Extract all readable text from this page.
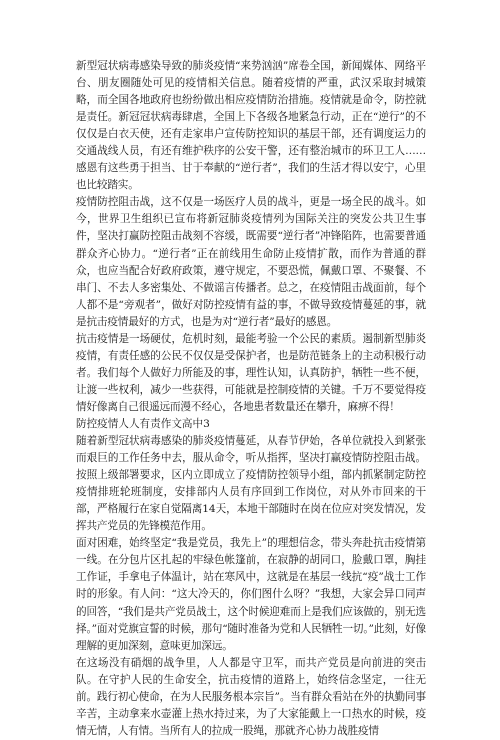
新型冠状病毒感染导致的肺炎疫情“来势汹汹”席卷全国，新闻媒体、网络平台、朋友圈随处可见的疫情相关信息。随着疫情的严重，武汉采取封城策略，而全国各地政府也纷纷做出相应疫情防治措施。疫情就是命令，防控就是责任。新冠冠状病毒肆虐，全国上下各级各地紧急行动，正在“逆行”的不仅仅是白衣天使，还有走家串户宣传防控知识的基层干部，还有调度运力的交通战线人员，有还有维护秩序的公安干警，还有整治城市的环卫工人……感恩有这些勇于担当、甘于奉献的“逆行者”，我们的生活才得以安宁，心里也比较踏实。

疫情防控阻击战，这不仅是一场医疗人员的战斗，更是一场全民的战斗。如今，世界卫生组织已宣布将新冠肺炎疫情列为国际关注的突发公共卫生事件，坚决打赢防控阻击战刻不容缓，既需要“逆行者”冲锋陷阵，也需要普通群众齐心协力。“逆行者”正在前线用生命防止疫情扩散，而作为普通的群众，也应当配合好政府政策，遵守规定，不要恐慌，佩戴口罩、不聚餐、不串门、不去人多密集处、不做谣言传播者。总之，在疫情阻击战面前，每个人都不是“旁观者”，做好对防控疫情有益的事，不做导致疫情蔓延的事，就是抗击疫情最好的方式，也是为对“逆行者”最好的感恩。

抗击疫情是一场硬仗，危机时刻，最能考验一个公民的素质。遏制新型肺炎疫情，有责任感的公民不仅仅是受保护者，也是防范链条上的主动积极行动者。我们每个人做好力所能及的事，理性认知，认真防护，牺牲一些不便，让渡一些权利，减少一些获得，可能就是控制疫情的关键。千万不要觉得疫情好像离自己很遥远而漫不经心，各地患者数量还在攀升，麻痹不得！

防控疫情人人有责作文高中3

随着新型冠状病毒感染的肺炎疫情蔓延，从春节伊始，各单位就投入到紧张而艰巨的工作任务中去，服从命令，听从指挥，坚决打赢疫情防控阻击战。按照上级部署要求，区内立即成立了疫情防控领导小组，部内抓紧制定防控疫情排班轮班制度，安排部内人员有序回到工作岗位，对从外市回来的干部，严格履行在家自觉隔离14天，本地干部随时在岗在位应对突发情况，发挥共产党员的先锋模范作用。

面对困难，始终坚定“我是党员，我先上”的理想信念，带头奔赴抗击疫情第一线。在分包片区扎起的牢绿色帐篷前，在寂静的胡同口，脸戴口罩，胸挂工作证，手拿电子体温计，站在寒风中，这就是在基层一线抗“疫”战士工作时的形象。有人问：“这大冷天的，你们图什么呀？”我想，大家会异口同声的回答，“我们是共产党员战士，这个时候迎难而上是我们应该做的，别无选择。”面对党旗宣誓的时候，那句“随时准备为党和人民牺牲一切。”此刻，好像理解的更加深刻，意味更加深远。

在这场没有硝烟的战争里，人人都是守卫军，而共产党员是向前进的突击队。在守护人民的生命安全，抗击疫情的道路上，始终信念坚定，一往无前。践行初心使命，在为人民服务根本宗旨”。当有群众看站在外的执勤同事辛苦，主动拿来水壶灌上热水持过来，为了大家能戴上一口热水的时候，疫情无情，人有情。当所有人的拉成一股绳，那就齐心协力战胜疫情
